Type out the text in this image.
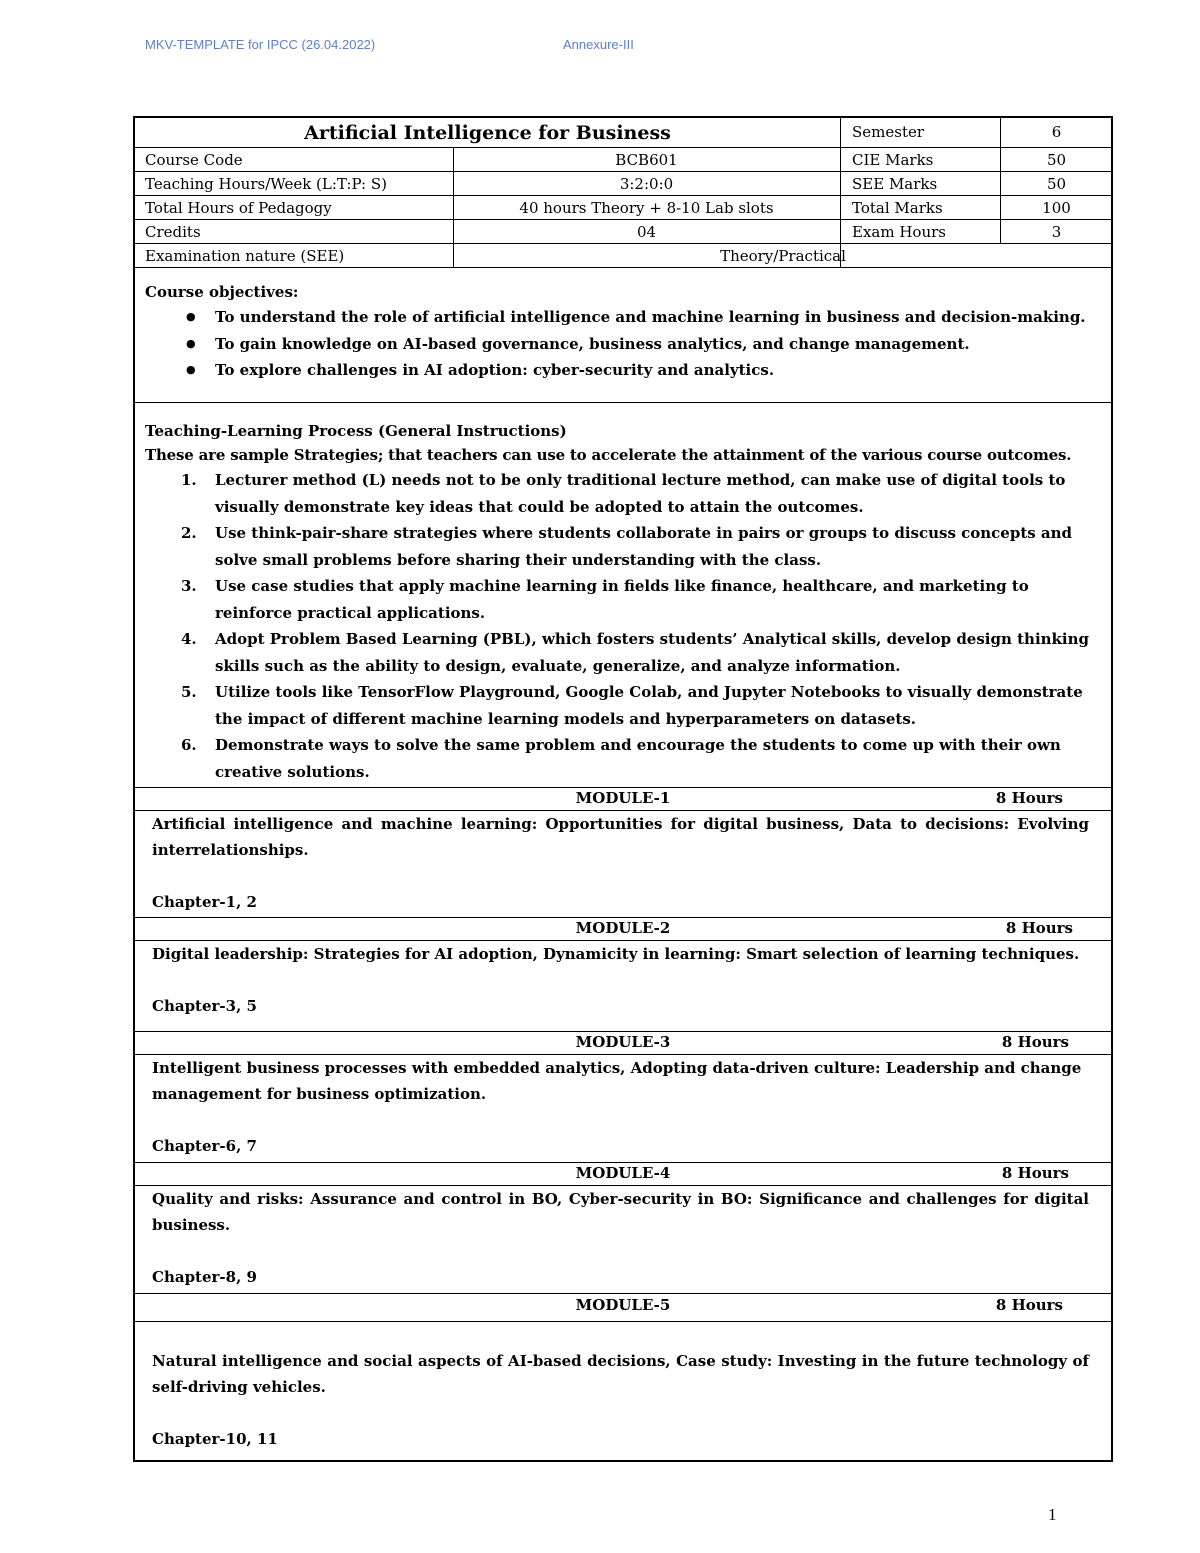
MKV-TEMPLATE for IPCC (26.04.2022)	Annexure-III
Artificial Intelligence for Business	Semester	6
Course Code	BCB601	CIE Marks	50
Teaching Hours/Week (L:T:P: S)	3:2:0:0	SEE Marks	50
Total Hours of Pedagogy	40 hours Theory + 8-10 Lab slots	Total Marks	100
Credits	04	Exam Hours	3
Examination nature (SEE)	Theory/Practical

Course objectives:

● To understand the role of artificial intelligence and machine learning in business and decision-making.
● To gain knowledge on AI-based governance, business analytics, and change management.
● To explore challenges in AI adoption: cyber-security and analytics.

Teaching-Learning Process (General Instructions)

These are sample Strategies; that teachers can use to accelerate the attainment of the various course outcomes.

1. Lecturer method (L) needs not to be only traditional lecture method, can make use of digital tools to visually demonstrate key ideas that could be adopted to attain the outcomes.
2. Use think-pair-share strategies where students collaborate in pairs or groups to discuss concepts and solve small problems before sharing their understanding with the class.
3. Use case studies that apply machine learning in fields like finance, healthcare, and marketing to reinforce practical applications.
4. Adopt Problem Based Learning (PBL), which fosters students’ Analytical skills, develop design thinking skills such as the ability to design, evaluate, generalize, and analyze information.
5. Utilize tools like TensorFlow Playground, Google Colab, and Jupyter Notebooks to visually demonstrate the impact of different machine learning models and hyperparameters on datasets.
6. Demonstrate ways to solve the same problem and encourage the students to come up with their own creative solutions.
MODULE-1	8 Hours
Artificial intelligence and machine learning: Opportunities for digital business, Data to decisions: Evolving interrelationships.
Chapter-1, 2
MODULE-2	8 Hours
Digital leadership: Strategies for AI adoption, Dynamicity in learning: Smart selection of learning techniques.
Chapter-3, 5
MODULE-3	8 Hours
Intelligent business processes with embedded analytics, Adopting data-driven culture: Leadership and change management for business optimization.
Chapter-6, 7
MODULE-4	8 Hours
Quality and risks: Assurance and control in BO, Cyber-security in BO: Significance and challenges for digital business.
Chapter-8, 9
MODULE-5	8 Hours
Natural intelligence and social aspects of AI-based decisions, Case study: Investing in the future technology of self-driving vehicles.
Chapter-10, 11
1
